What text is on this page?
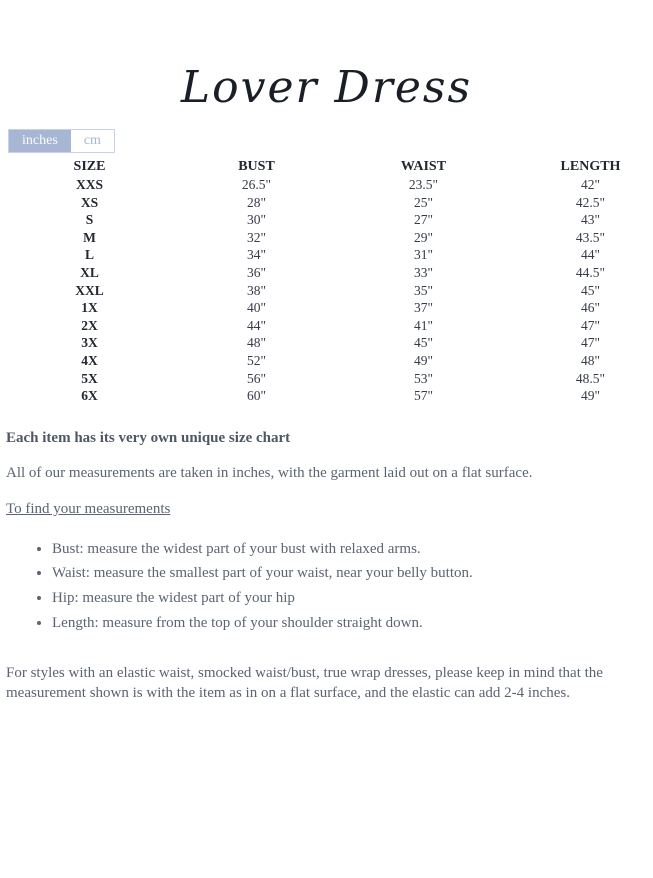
Lover Dress
inches	cm
SIZE	BUST	WAIST	LENGTH
XXS	26.5"	23.5"	42"
XS	28"	25"	42.5"
S	30"	27"	43"
M	32"	29"	43.5"
L	34"	31"	44"
XL	36"	33"	44.5"
XXL	38"	35"	45"
1X	40"	37"	46"
2X	44"	41"	47"
3X	48"	45"	47"
4X	52"	49"	48"
5X	56"	53"	48.5"
6X	60"	57"	49"

Each item has its very own unique size chart

All of our measurements are taken in inches, with the garment laid out on a flat surface.

To find your measurements

• Bust: measure the widest part of your bust with relaxed arms.
• Waist: measure the smallest part of your waist, near your belly button.
• Hip: measure the widest part of your hip
• Length: measure from the top of your shoulder straight down.

For styles with an elastic waist, smocked waist/bust, true wrap dresses, please keep in mind that the measurement shown is with the item as in on a flat surface, and the elastic can add 2-4 inches.
